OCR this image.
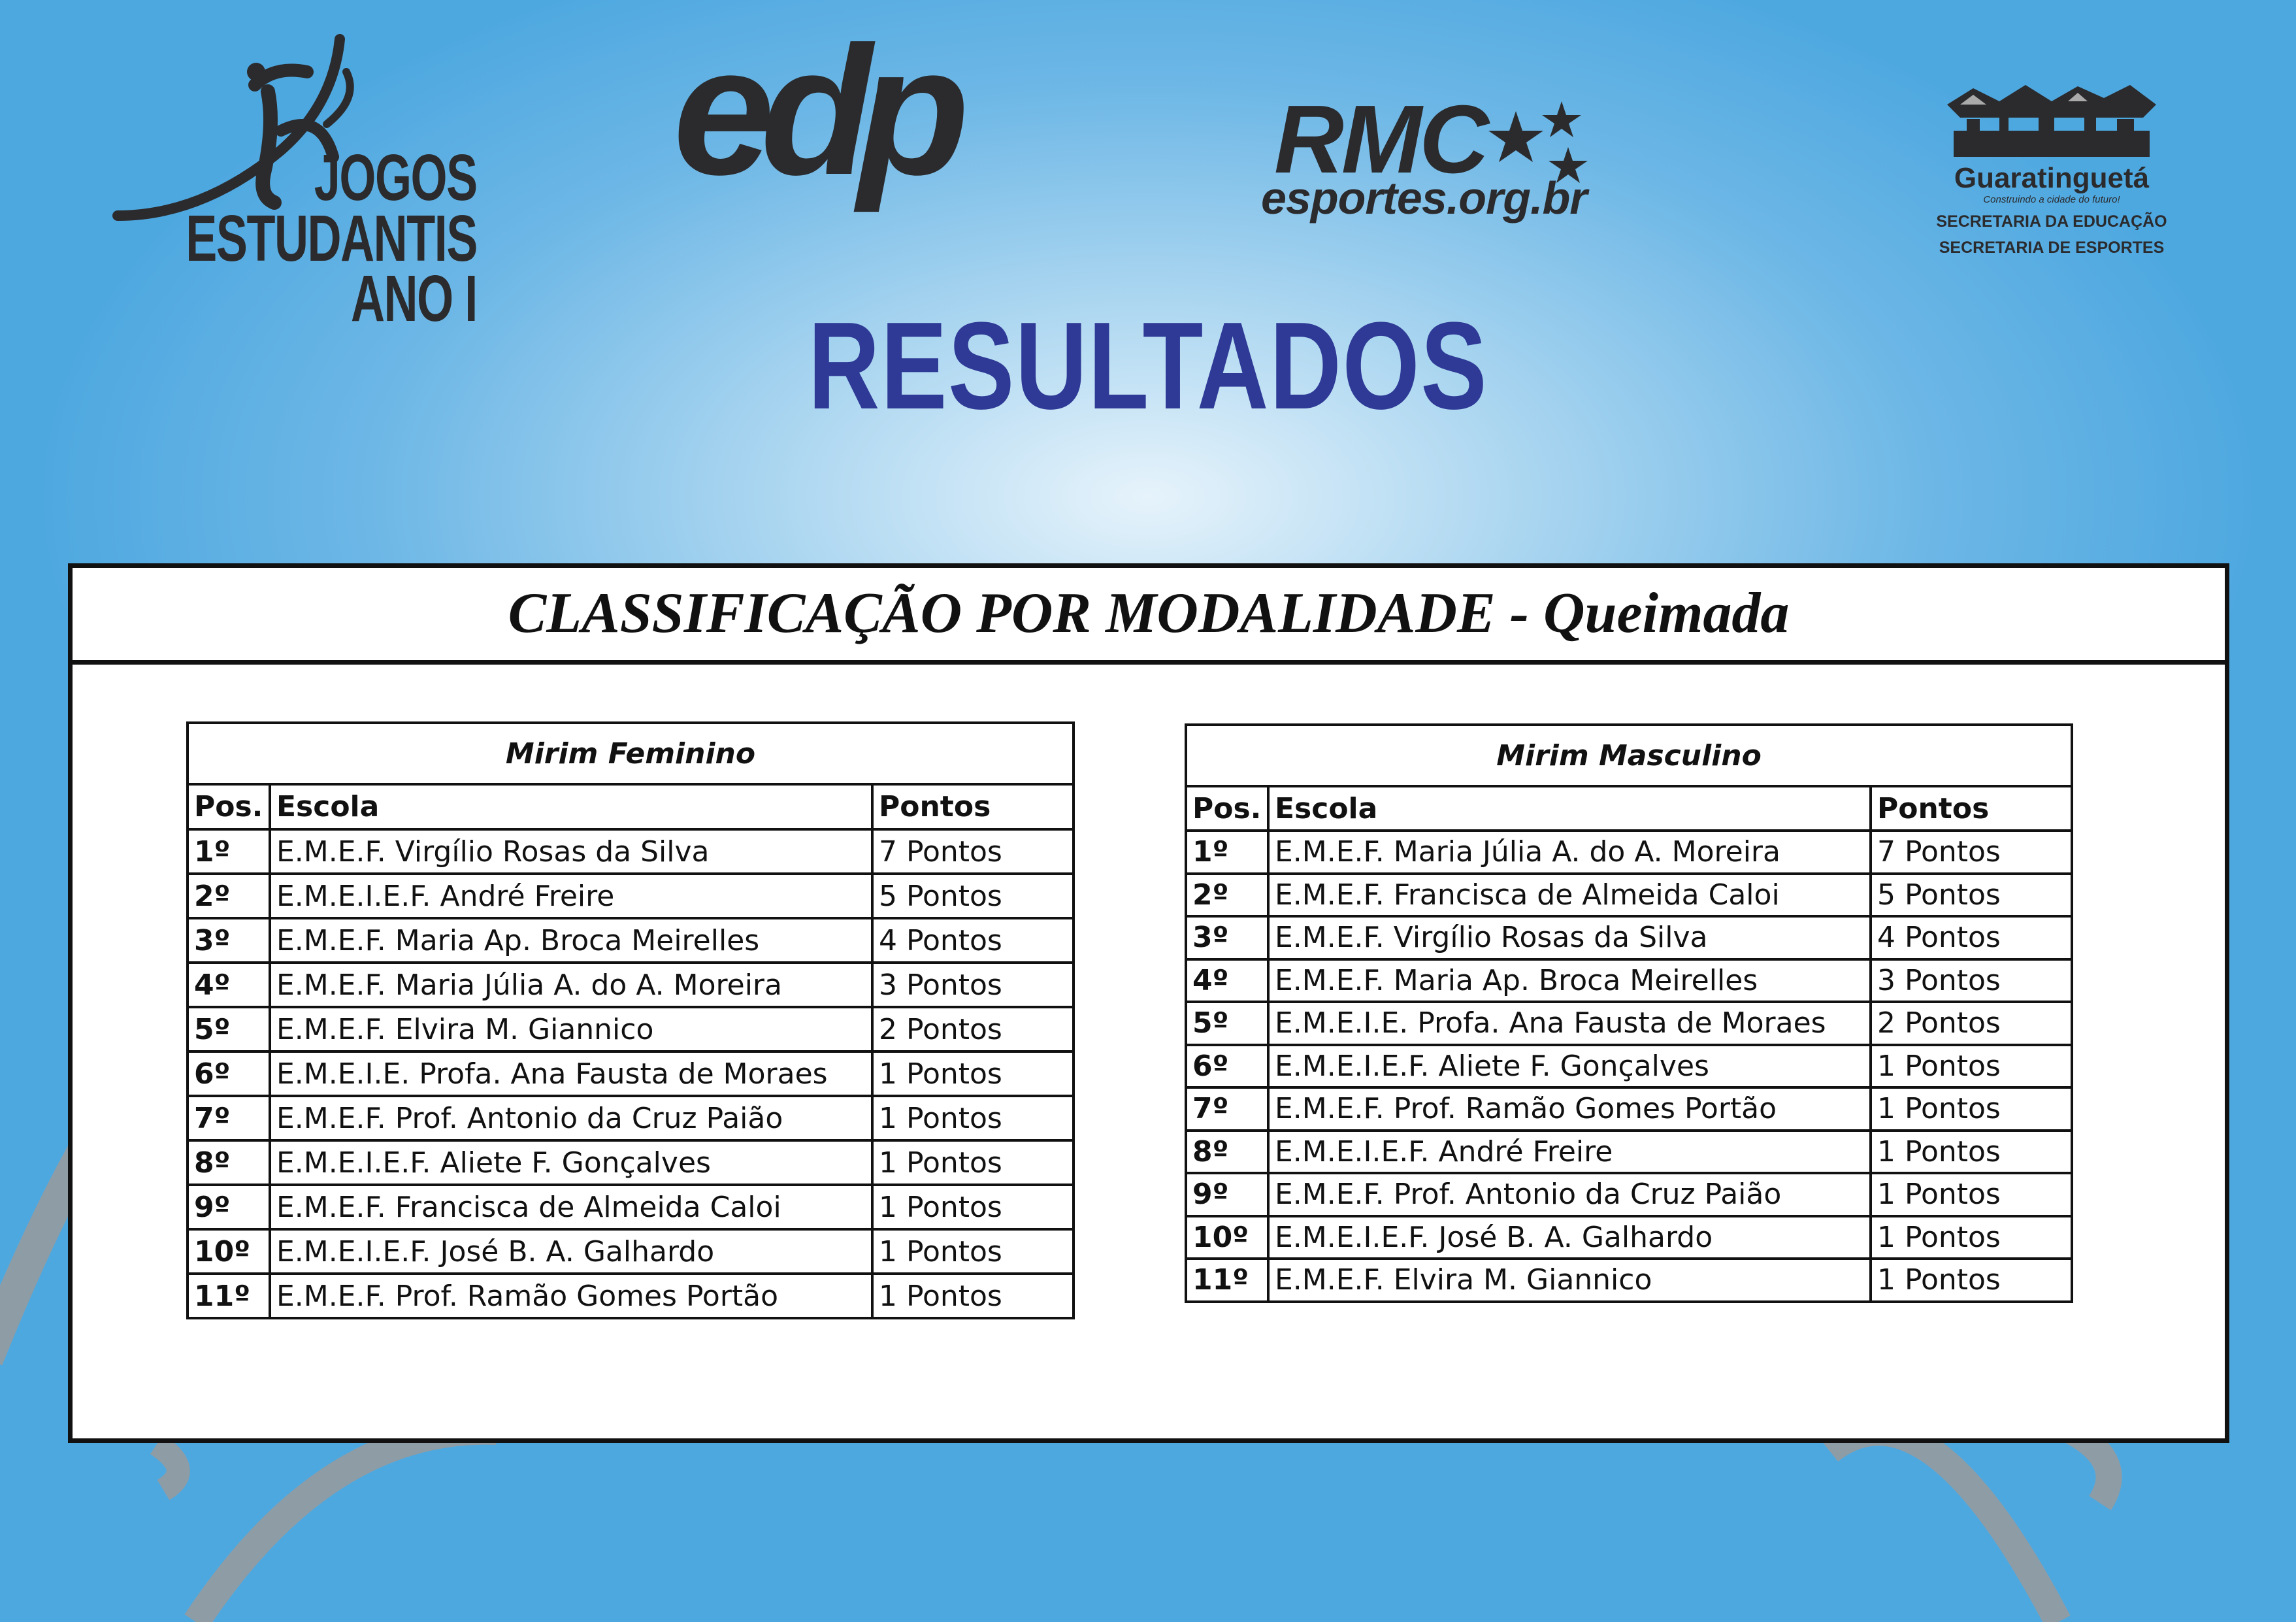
JOGOS
ESTUDANTIS
ANO I
edp	RMC
esportes.org.br	Guaratinguetá
Construindo a cidade do futuro!
SECRETARIA DA EDUCAÇÃO
SECRETARIA DE ESPORTES
RESULTADOS
CLASSIFICAÇÃO POR MODALIDADE - Queimada
Mirim Feminino		
Pos.	Escola	Pontos
1º	E.M.E.F. Virgílio Rosas da Silva	7 Pontos
2º	E.M.E.I.E.F. André Freire	5 Pontos
3º	E.M.E.F. Maria Ap. Broca Meirelles	4 Pontos
4º	E.M.E.F. Maria Júlia A. do A. Moreira	3 Pontos
5º	E.M.E.F. Elvira M. Giannico	2 Pontos
6º	E.M.E.I.E. Profa. Ana Fausta de Moraes	1 Pontos
7º	E.M.E.F. Prof. Antonio da Cruz Paião	1 Pontos
8º	E.M.E.I.E.F. Aliete F. Gonçalves	1 Pontos
9º	E.M.E.F. Francisca de Almeida Caloi	1 Pontos
10º	E.M.E.I.E.F. José B. A. Galhardo	1 Pontos
11º	E.M.E.F. Prof. Ramão Gomes Portão	1 Pontos
Mirim Masculino		
Pos.	Escola	Pontos
1º	E.M.E.F. Maria Júlia A. do A. Moreira	7 Pontos
2º	E.M.E.F. Francisca de Almeida Caloi	5 Pontos
3º	E.M.E.F. Virgílio Rosas da Silva	4 Pontos
4º	E.M.E.F. Maria Ap. Broca Meirelles	3 Pontos
5º	E.M.E.I.E. Profa. Ana Fausta de Moraes	2 Pontos
6º	E.M.E.I.E.F. Aliete F. Gonçalves	1 Pontos
7º	E.M.E.F. Prof. Ramão Gomes Portão	1 Pontos
8º	E.M.E.I.E.F. André Freire	1 Pontos
9º	E.M.E.F. Prof. Antonio da Cruz Paião	1 Pontos
10º	E.M.E.I.E.F. José B. A. Galhardo	1 Pontos
11º	E.M.E.F. Elvira M. Giannico	1 Pontos
